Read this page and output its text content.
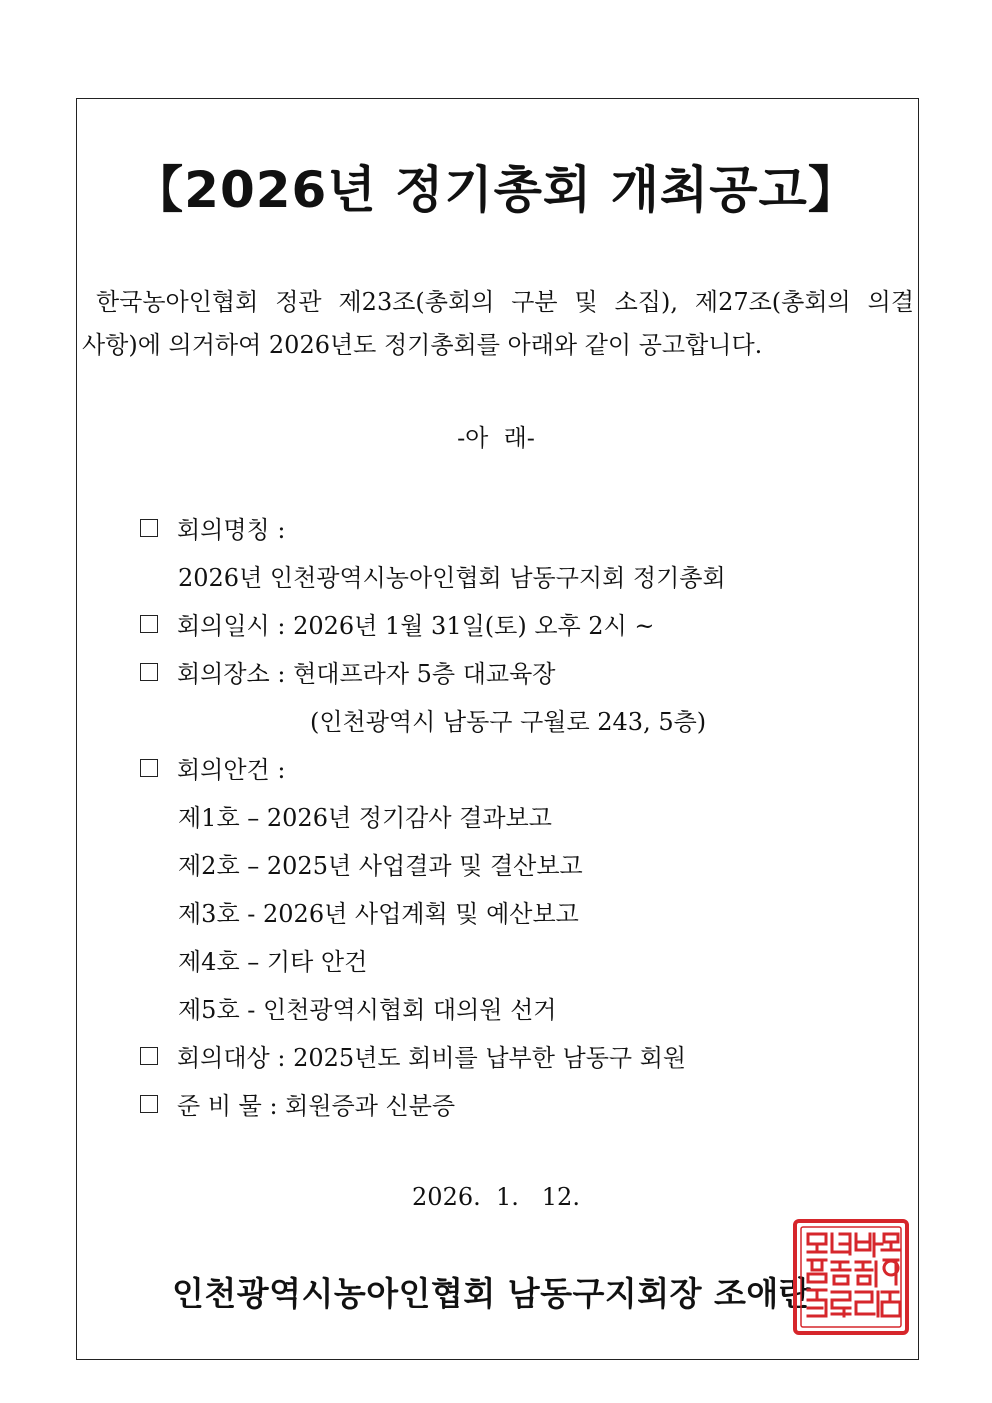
【2026년 정기총회 개최공고】
한국농아인협회 정관 제23조(총회의 구분 및 소집), 제27조(총회의 의결
사항)에 의거하여 2026년도 정기총회를 아래와 같이 공고합니다.
-아  래-
회의명칭 :
2026년 인천광역시농아인협회 남동구지회 정기총회
회의일시 : 2026년 1월 31일(토) 오후 2시 ~
회의장소 : 현대프라자 5층 대교육장
(인천광역시 남동구 구월로 243, 5층)
회의안건 :
제1호 – 2026년 정기감사 결과보고
제2호 – 2025년 사업결과 및 결산보고
제3호 - 2026년 사업계획 및 예산보고
제4호 – 기타 안건
제5호 - 인천광역시협회 대의원 선거
회의대상 : 2025년도 회비를 납부한 남동구 회원
준 비 물 : 회원증과 신분증
2026.  1.   12.
인천광역시농아인협회 남동구지회장 조애란
